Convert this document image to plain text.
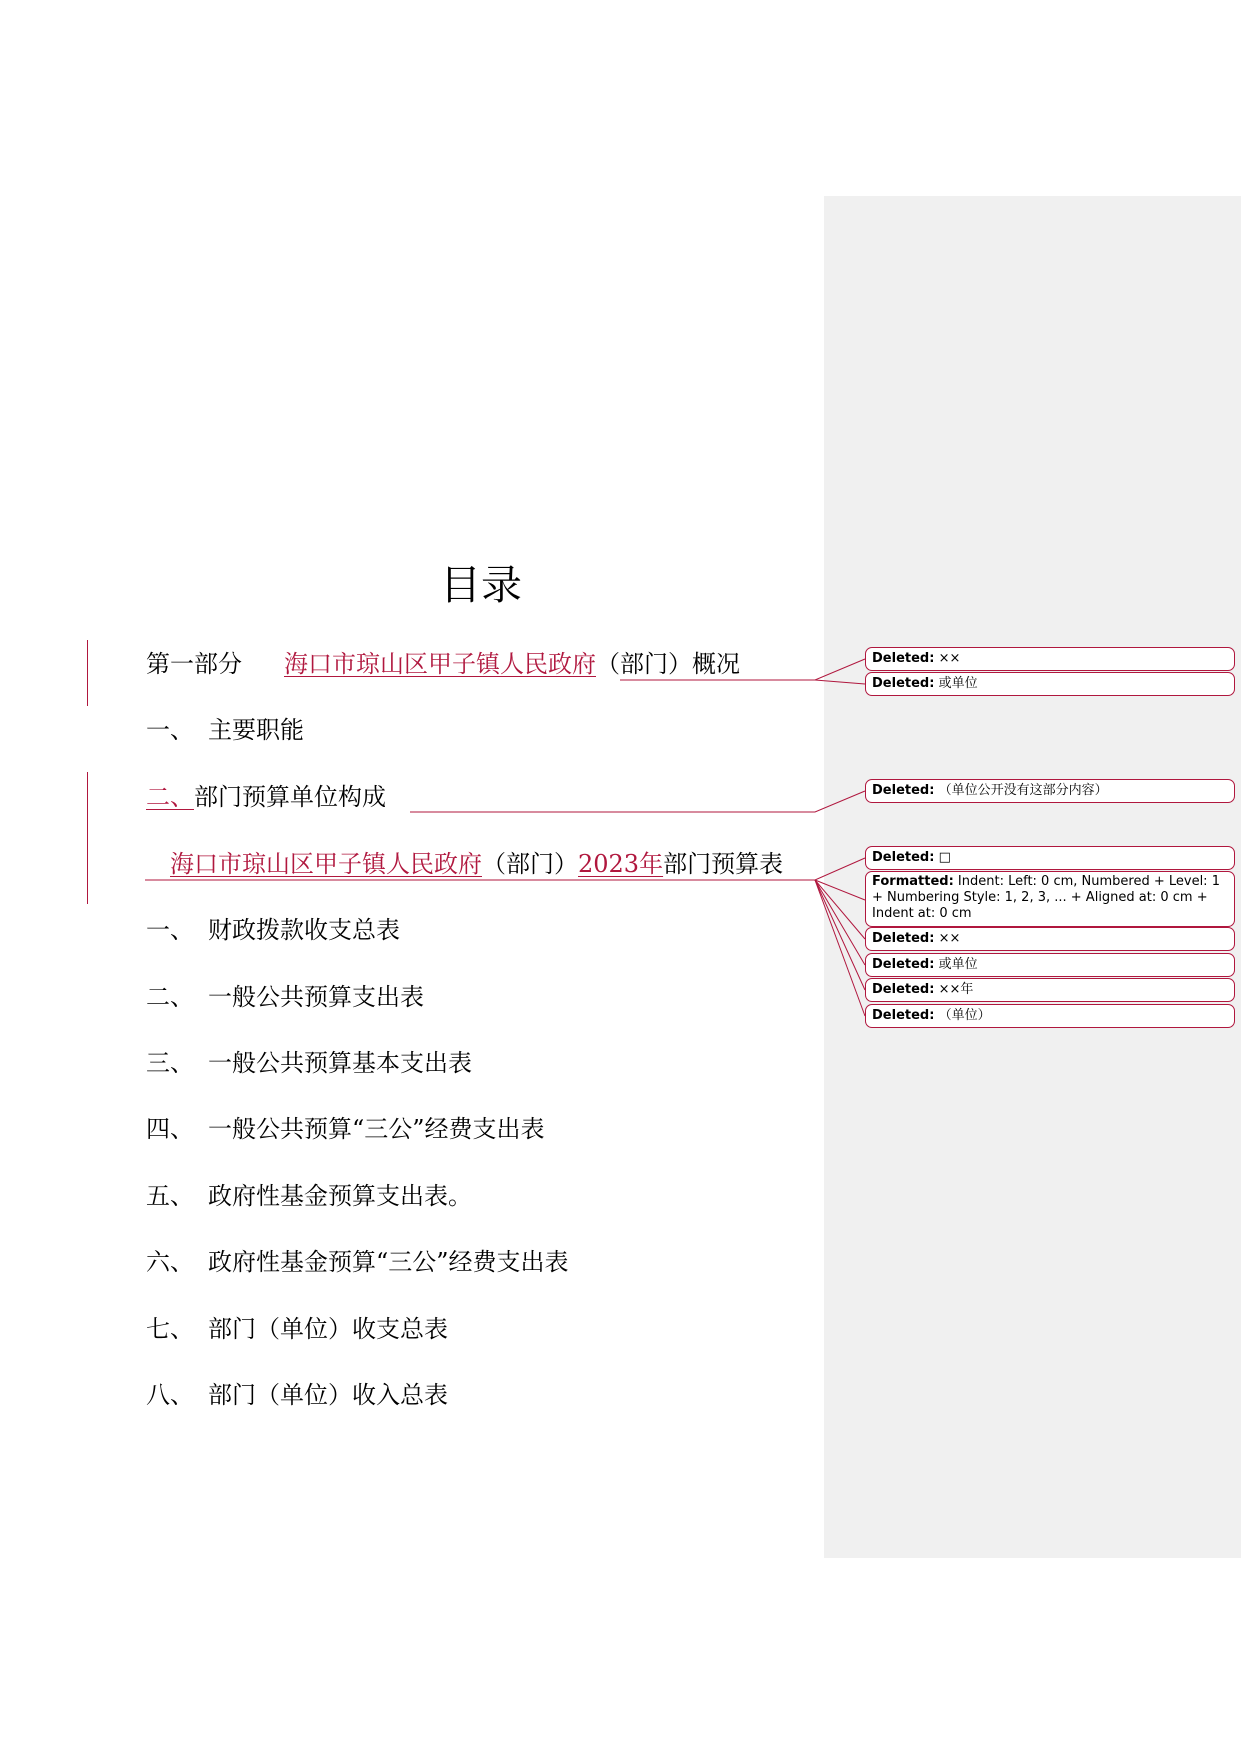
目录
第一部分 海口市琼山区甲子镇人民政府（部门）概况
一、 主要职能
二、部门预算单位构成
海口市琼山区甲子镇人民政府（部门）2023年部门预算表
一、 财政拨款收支总表
二、 一般公共预算支出表
三、 一般公共预算基本支出表
四、 一般公共预算“三公”经费支出表
五、 政府性基金预算支出表。
六、 政府性基金预算“三公”经费支出表
七、 部门（单位）收支总表
八、 部门（单位）收入总表
Deleted: ××
Deleted: 或单位
Deleted: （单位公开没有这部分内容）
Deleted: □
Formatted: Indent: Left: 0 cm, Numbered + Level: 1 + Numbering Style: 1, 2, 3, ... + Aligned at: 0 cm + Indent at: 0 cm
Deleted: ××
Deleted: 或单位
Deleted: ××年
Deleted: （单位）
